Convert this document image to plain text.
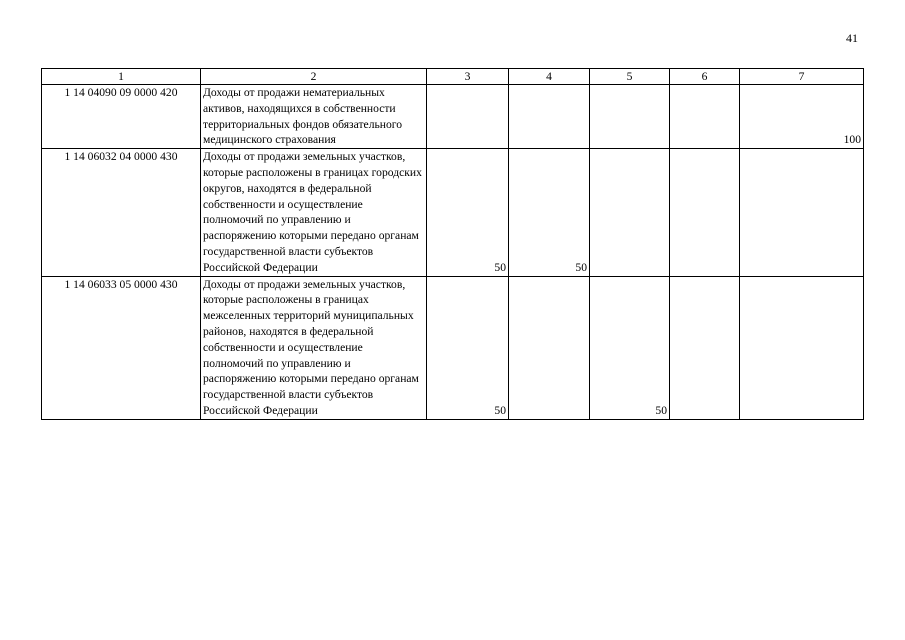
41
1	2	3	4	5	6	7
1 14 04090 09 0000 420	Доходы от продажи нематериальных активов, находящихся в собственности территориальных фондов обязательного медицинского страхования					100
1 14 06032 04 0000 430	Доходы от продажи земельных участков, которые расположены в границах городских округов, находятся в федеральной собственности и осуществление полномочий по управлению и распоряжению которыми передано органам государственной власти субъектов Российской Федерации	50	50			
1 14 06033 05 0000 430	Доходы от продажи земельных участков, которые расположены в границах межселенных территорий муниципальных районов, находятся в федеральной собственности и осуществление полномочий по управлению и распоряжению которыми передано органам государственной власти субъектов Российской Федерации	50		50		
